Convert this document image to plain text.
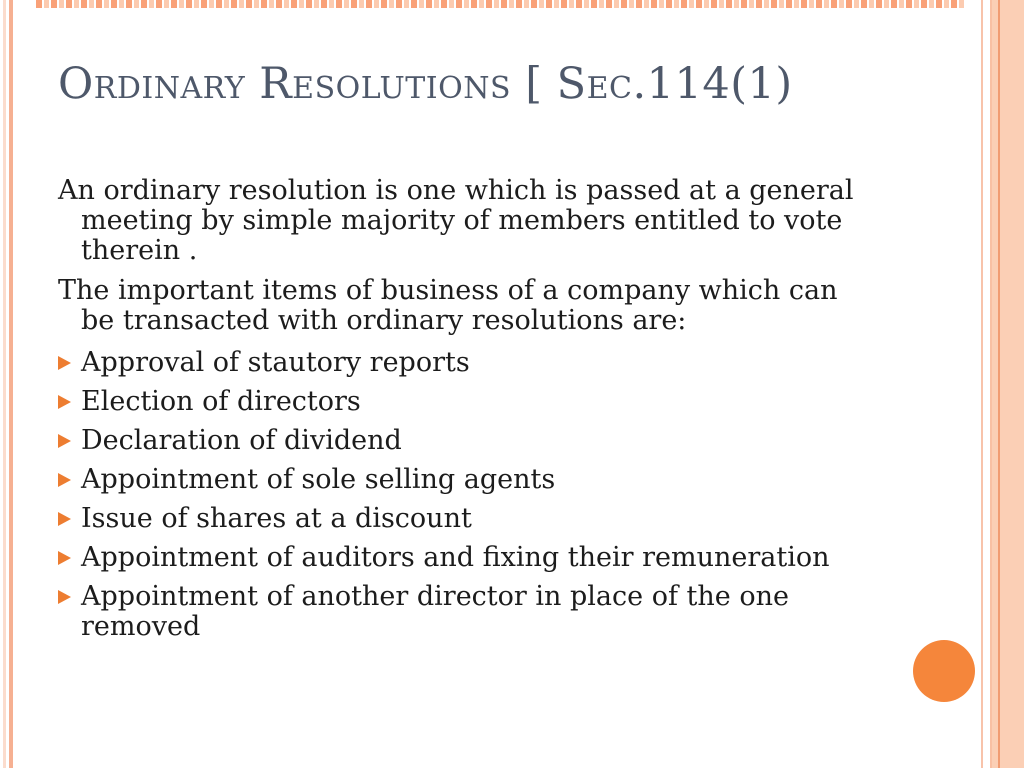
Ordinary Resolutions [ Sec.114(1)

An ordinary resolution is one which is passed at a general meeting by simple majority of members entitled to vote therein .

The important items of business of a company which can be transacted with ordinary resolutions are:

Approval of stautory reports
Election of directors
Declaration of dividend
Appointment of sole selling agents
Issue of shares at a discount
Appointment of auditors and fixing their remuneration
Appointment of another director in place of the one removed
